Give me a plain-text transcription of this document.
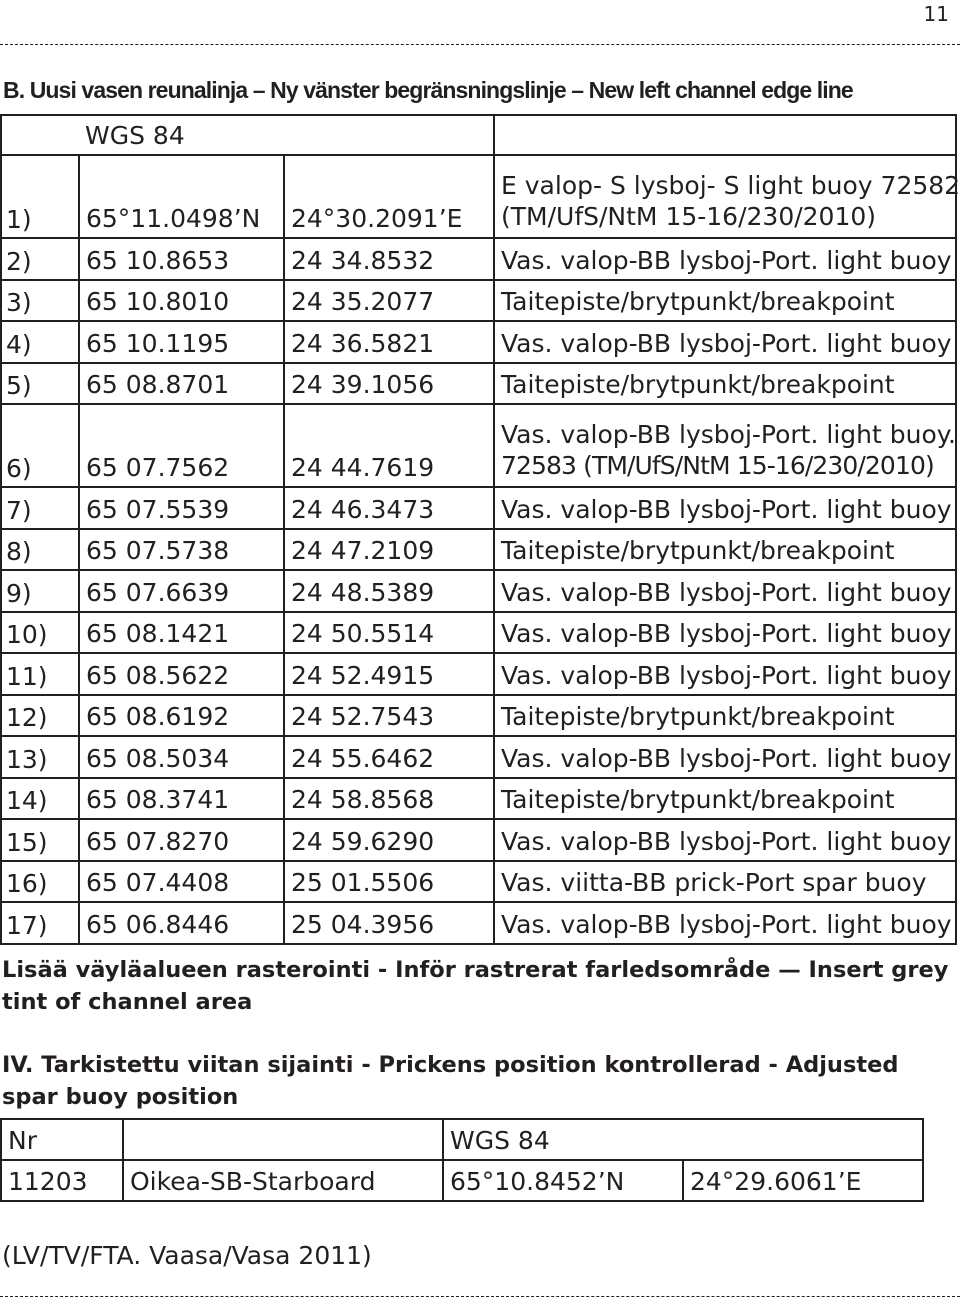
11
B. Uusi vasen reunalinja – Ny vänster begränsningslinje – New left channel edge line
	WGS 84		
1)	65°11.0498’N	24°30.2091’E	E valop- S lysboj- S light buoy 72582
(TM/UfS/NtM 15-16/230/2010)

2)	65 10.8653	24 34.8532	Vas. valop-BB lysboj-Port. light buoy
3)	65 10.8010	24 35.2077	Taitepiste/brytpunkt/breakpoint
4)	65 10.1195	24 36.5821	Vas. valop-BB lysboj-Port. light buoy
5)	65 08.8701	24 39.1056	Taitepiste/brytpunkt/breakpoint
6)	65 07.7562	24 44.7619	Vas. valop-BB lysboj-Port. light buoy.
72583 (TM/UfS/NtM 15-16/230/2010)

7)	65 07.5539	24 46.3473	Vas. valop-BB lysboj-Port. light buoy
8)	65 07.5738	24 47.2109	Taitepiste/brytpunkt/breakpoint
9)	65 07.6639	24 48.5389	Vas. valop-BB lysboj-Port. light buoy
10)	65 08.1421	24 50.5514	Vas. valop-BB lysboj-Port. light buoy
11)	65 08.5622	24 52.4915	Vas. valop-BB lysboj-Port. light buoy
12)	65 08.6192	24 52.7543	Taitepiste/brytpunkt/breakpoint
13)	65 08.5034	24 55.6462	Vas. valop-BB lysboj-Port. light buoy
14)	65 08.3741	24 58.8568	Taitepiste/brytpunkt/breakpoint
15)	65 07.8270	24 59.6290	Vas. valop-BB lysboj-Port. light buoy
16)	65 07.4408	25 01.5506	Vas. viitta-BB prick-Port spar buoy
17)	65 06.8446	25 04.3956	Vas. valop-BB lysboj-Port. light buoy
Lisää väyläalueen rasterointi - Inför rastrerat farledsområde — Insert grey tint of channel area
IV. Tarkistettu viitan sijainti - Prickens position kontrollerad - Adjusted spar buoy position
Nr		WGS 84	
11203	Oikea-SB-Starboard	65°10.8452’N	24°29.6061’E
(LV/TV/FTA. Vaasa/Vasa 2011)
